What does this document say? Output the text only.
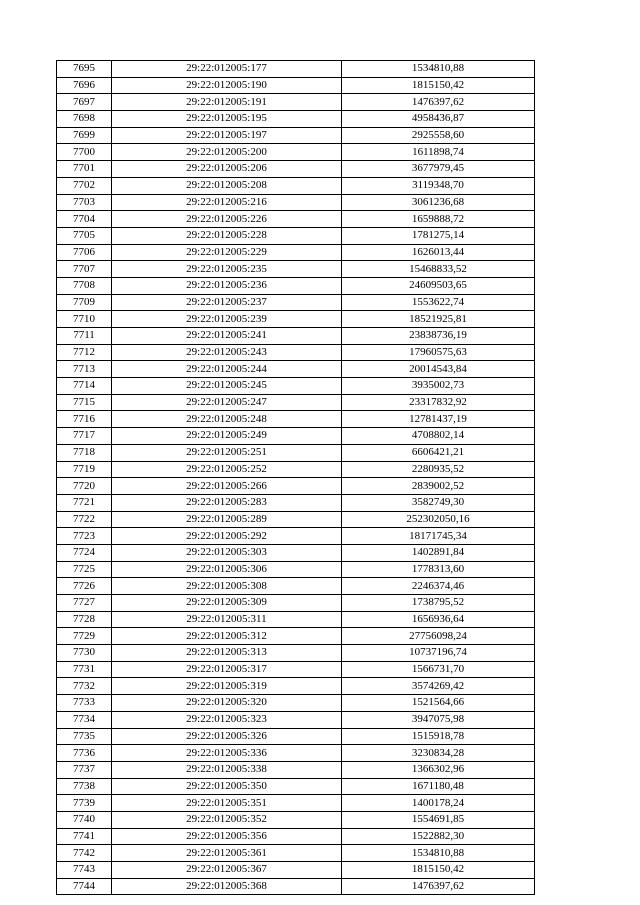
7695	29:22:012005:177	1534810,88
7696	29:22:012005:190	1815150,42
7697	29:22:012005:191	1476397,62
7698	29:22:012005:195	4958436,87
7699	29:22:012005:197	2925558,60
7700	29:22:012005:200	1611898,74
7701	29:22:012005:206	3677979,45
7702	29:22:012005:208	3119348,70
7703	29:22:012005:216	3061236,68
7704	29:22:012005:226	1659888,72
7705	29:22:012005:228	1781275,14
7706	29:22:012005:229	1626013,44
7707	29:22:012005:235	15468833,52
7708	29:22:012005:236	24609503,65
7709	29:22:012005:237	1553622,74
7710	29:22:012005:239	18521925,81
7711	29:22:012005:241	23838736,19
7712	29:22:012005:243	17960575,63
7713	29:22:012005:244	20014543,84
7714	29:22:012005:245	3935002,73
7715	29:22:012005:247	23317832,92
7716	29:22:012005:248	12781437,19
7717	29:22:012005:249	4708802,14
7718	29:22:012005:251	6606421,21
7719	29:22:012005:252	2280935,52
7720	29:22:012005:266	2839002,52
7721	29:22:012005:283	3582749,30
7722	29:22:012005:289	252302050,16
7723	29:22:012005:292	18171745,34
7724	29:22:012005:303	1402891,84
7725	29:22:012005:306	1778313,60
7726	29:22:012005:308	2246374,46
7727	29:22:012005:309	1738795,52
7728	29:22:012005:311	1656936,64
7729	29:22:012005:312	27756098,24
7730	29:22:012005:313	10737196,74
7731	29:22:012005:317	1566731,70
7732	29:22:012005:319	3574269,42
7733	29:22:012005:320	1521564,66
7734	29:22:012005:323	3947075,98
7735	29:22:012005:326	1515918,78
7736	29:22:012005:336	3230834,28
7737	29:22:012005:338	1366302,96
7738	29:22:012005:350	1671180,48
7739	29:22:012005:351	1400178,24
7740	29:22:012005:352	1554691,85
7741	29:22:012005:356	1522882,30
7742	29:22:012005:361	1534810,88
7743	29:22:012005:367	1815150,42
7744	29:22:012005:368	1476397,62
